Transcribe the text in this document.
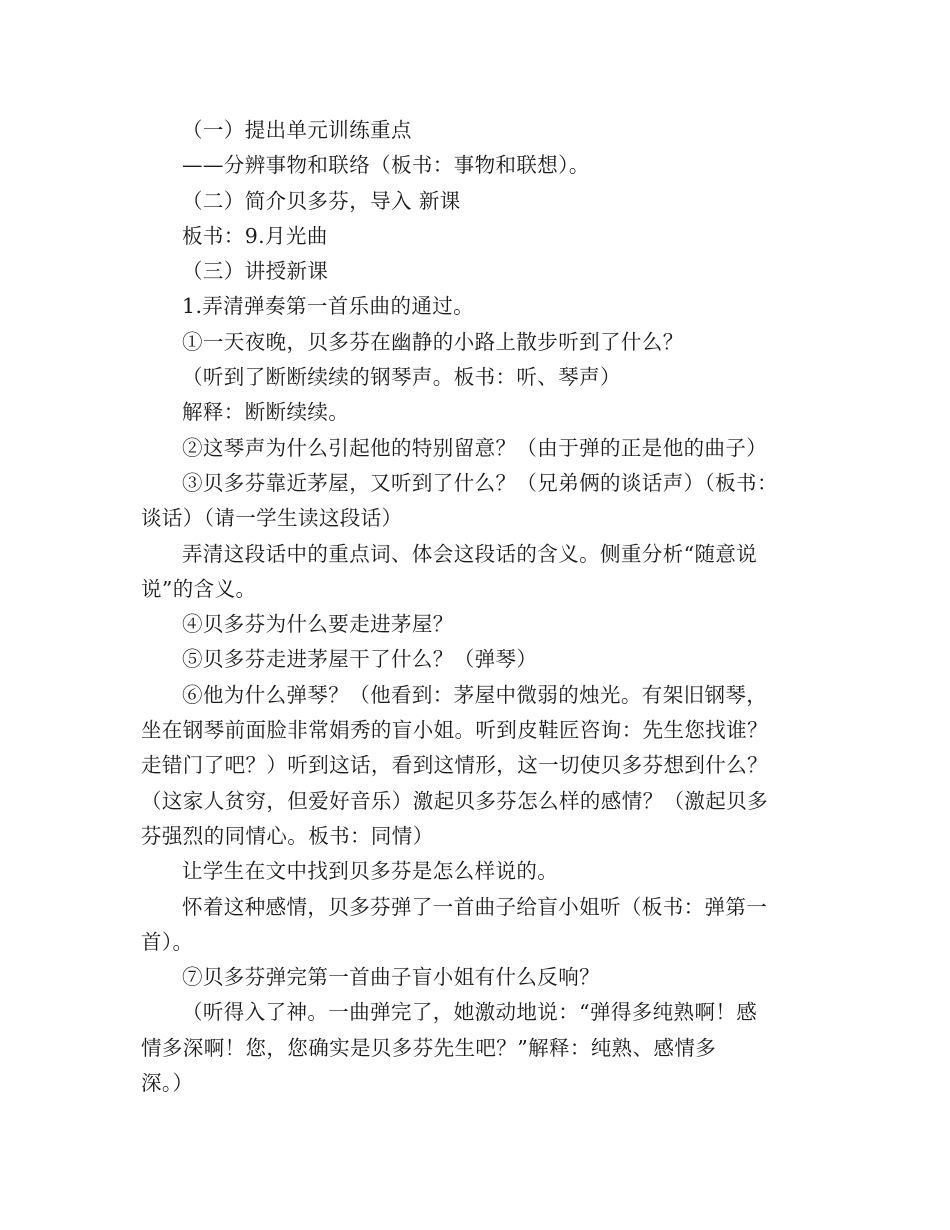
（一）提出单元训练重点
——分辨事物和联络（板书：事物和联想）。
（二）简介贝多芬，导入 新课
板书：9.月光曲
（三）讲授新课
1.弄清弹奏第一首乐曲的通过。
①一天夜晚，贝多芬在幽静的小路上散步听到了什么？
（听到了断断续续的钢琴声。板书：听、琴声）
解释：断断续续。
②这琴声为什么引起他的特别留意？（由于弹的正是他的曲子）
③贝多芬靠近茅屋，又听到了什么？（兄弟俩的谈话声）（板书：
谈话）（请一学生读这段话）
弄清这段话中的重点词、体会这段话的含义。侧重分析“随意说
说”的含义。
④贝多芬为什么要走进茅屋？
⑤贝多芬走进茅屋干了什么？（弹琴）
⑥他为什么弹琴？（他看到：茅屋中微弱的烛光。有架旧钢琴，
坐在钢琴前面脸非常娟秀的盲小姐。听到皮鞋匠咨询：先生您找谁？
走错门了吧？）听到这话，看到这情形，这一切使贝多芬想到什么？
（这家人贫穷，但爱好音乐）激起贝多芬怎么样的感情？（激起贝多
芬强烈的同情心。板书：同情）
让学生在文中找到贝多芬是怎么样说的。
怀着这种感情，贝多芬弹了一首曲子给盲小姐听（板书：弹第一
首）。
⑦贝多芬弹完第一首曲子盲小姐有什么反响？
（听得入了神。一曲弹完了，她激动地说：“弹得多纯熟啊！感
情多深啊！您，您确实是贝多芬先生吧？”解释：纯熟、感情多
深。）
